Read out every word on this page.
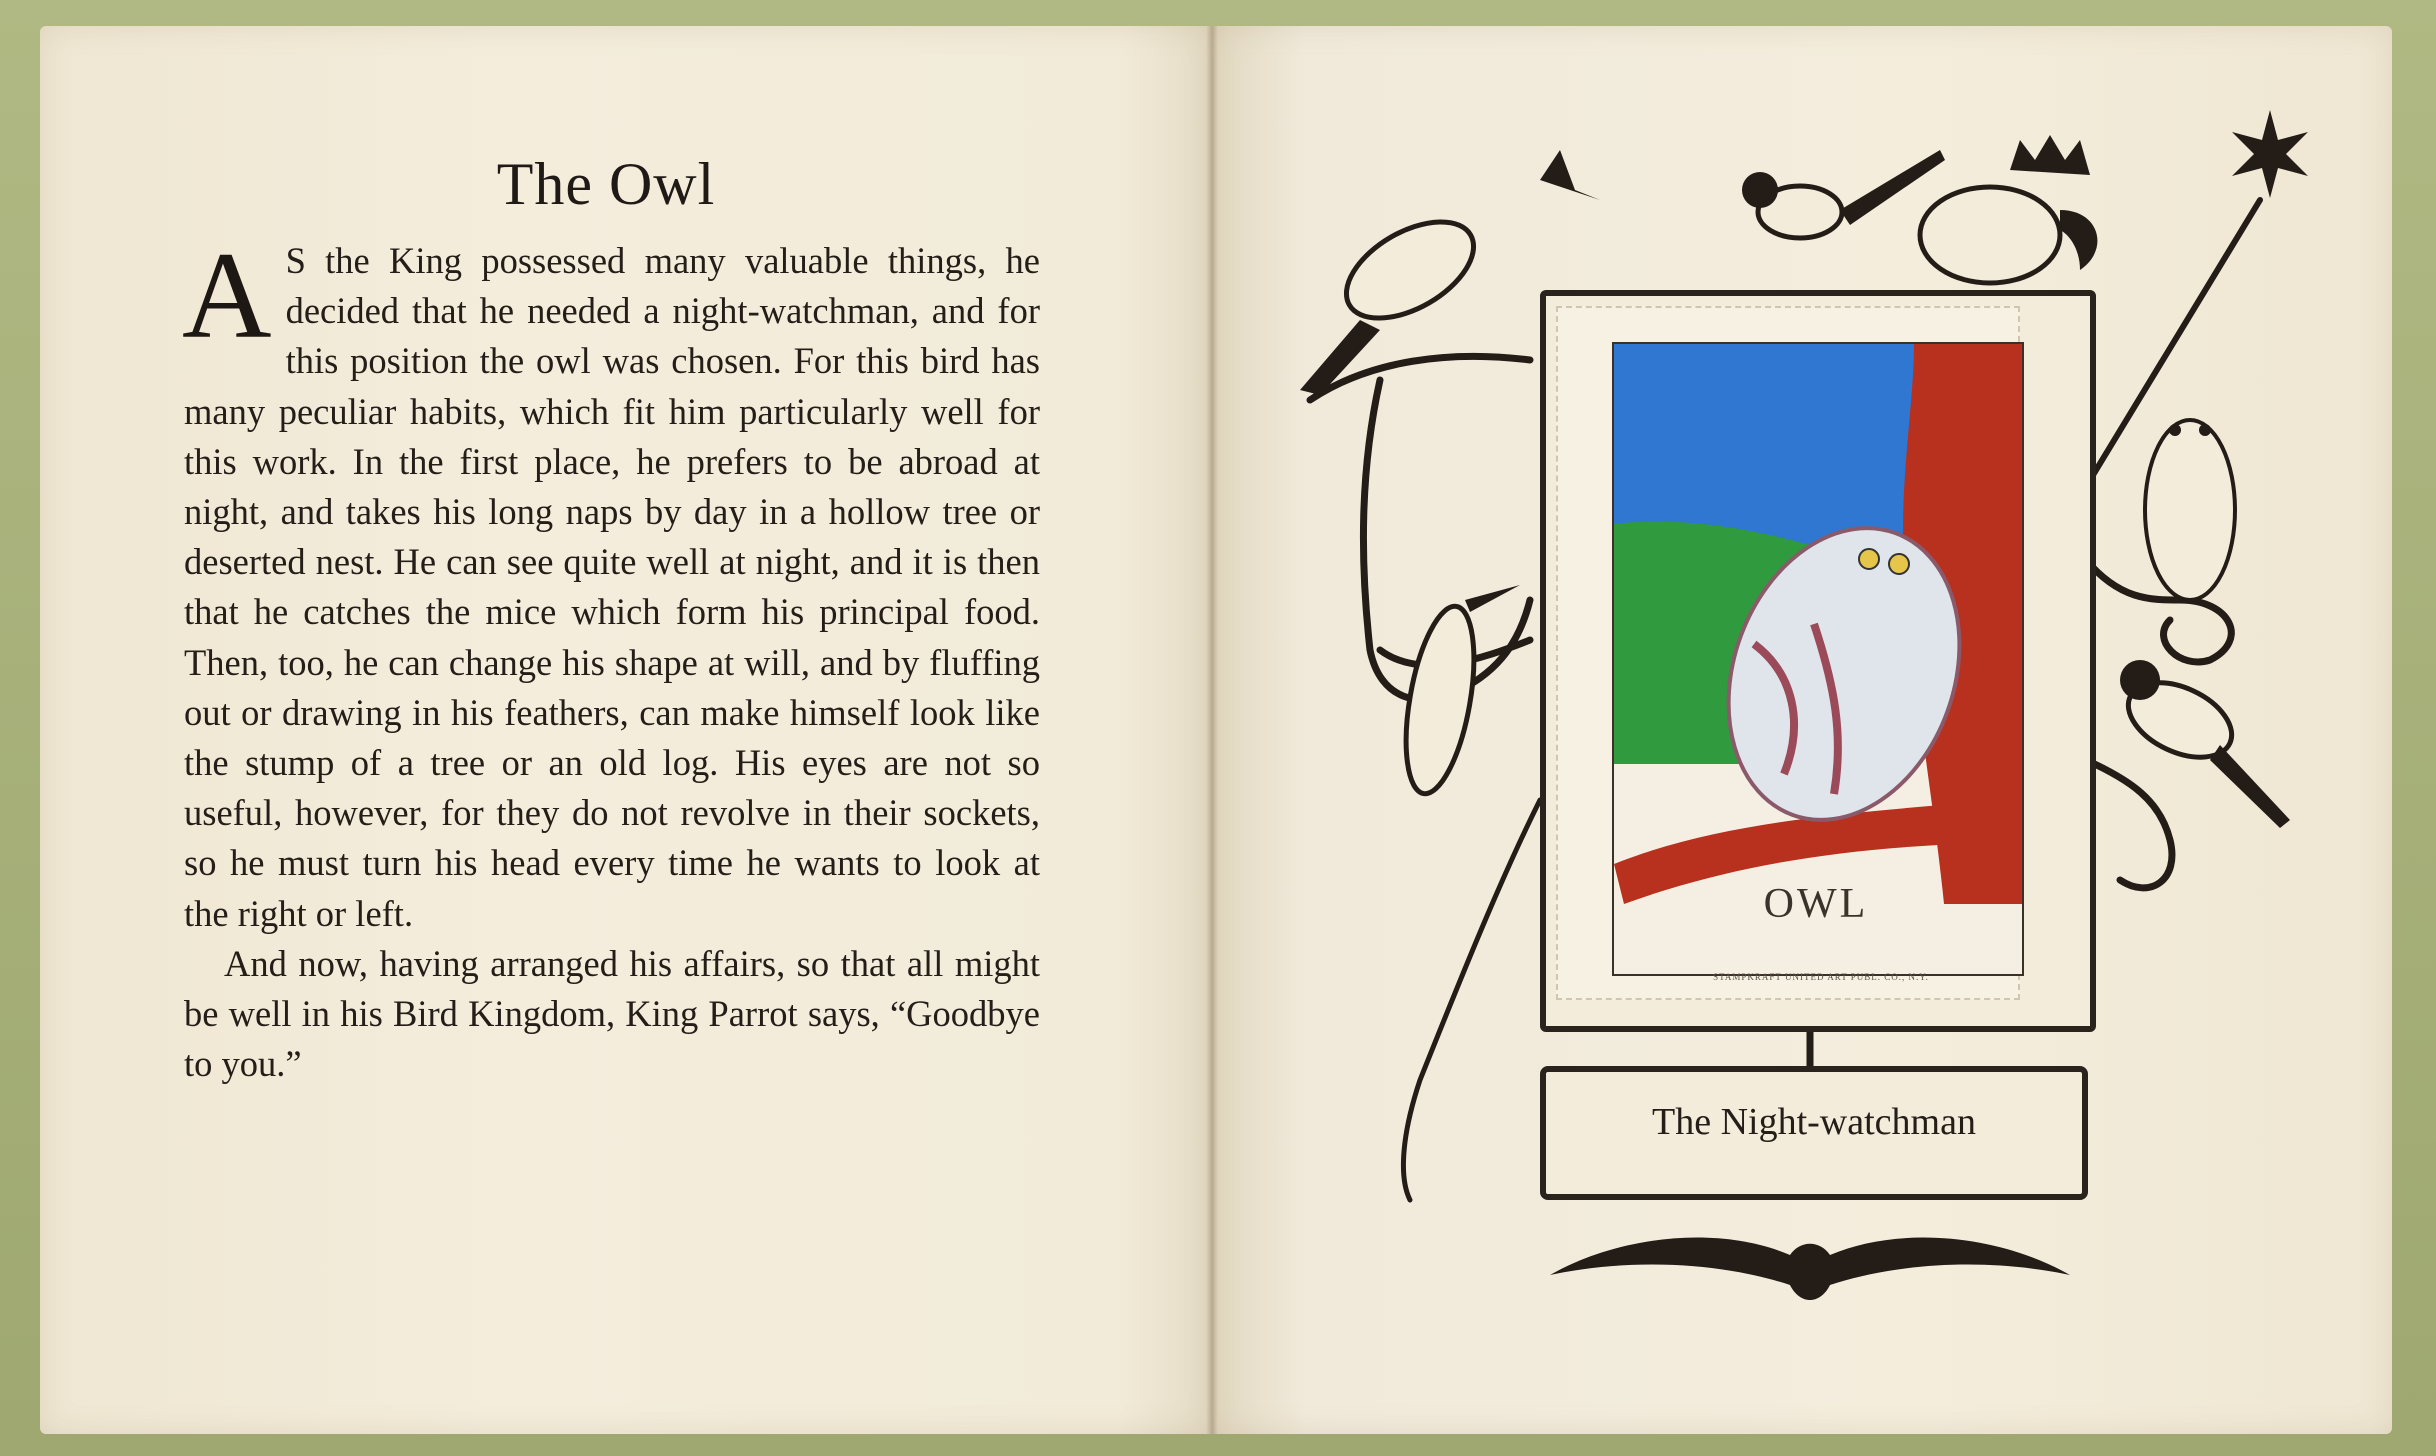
The Owl

A S the King possessed many valuable things, he decided that he needed a night-watchman, and for this position the owl was chosen. For this bird has many peculiar habits, which fit him particularly well for this work. In the first place, he prefers to be abroad at night, and takes his long naps by day in a hollow tree or deserted nest. He can see quite well at night, and it is then that he catches the mice which form his principal food. Then, too, he can change his shape at will, and by fluffing out or drawing in his feathers, can make himself look like the stump of a tree or an old log. His eyes are not so useful, however, for they do not revolve in their sockets, so he must turn his head every time he wants to look at the right or left.

And now, having arranged his affairs, so that all might be well in his Bird Kingdom, King Parrot says, “Goodbye to you.”

OWL
STAMPKRAFT UNITED ART PUBL. CO., N.Y.
The Night-watchman
